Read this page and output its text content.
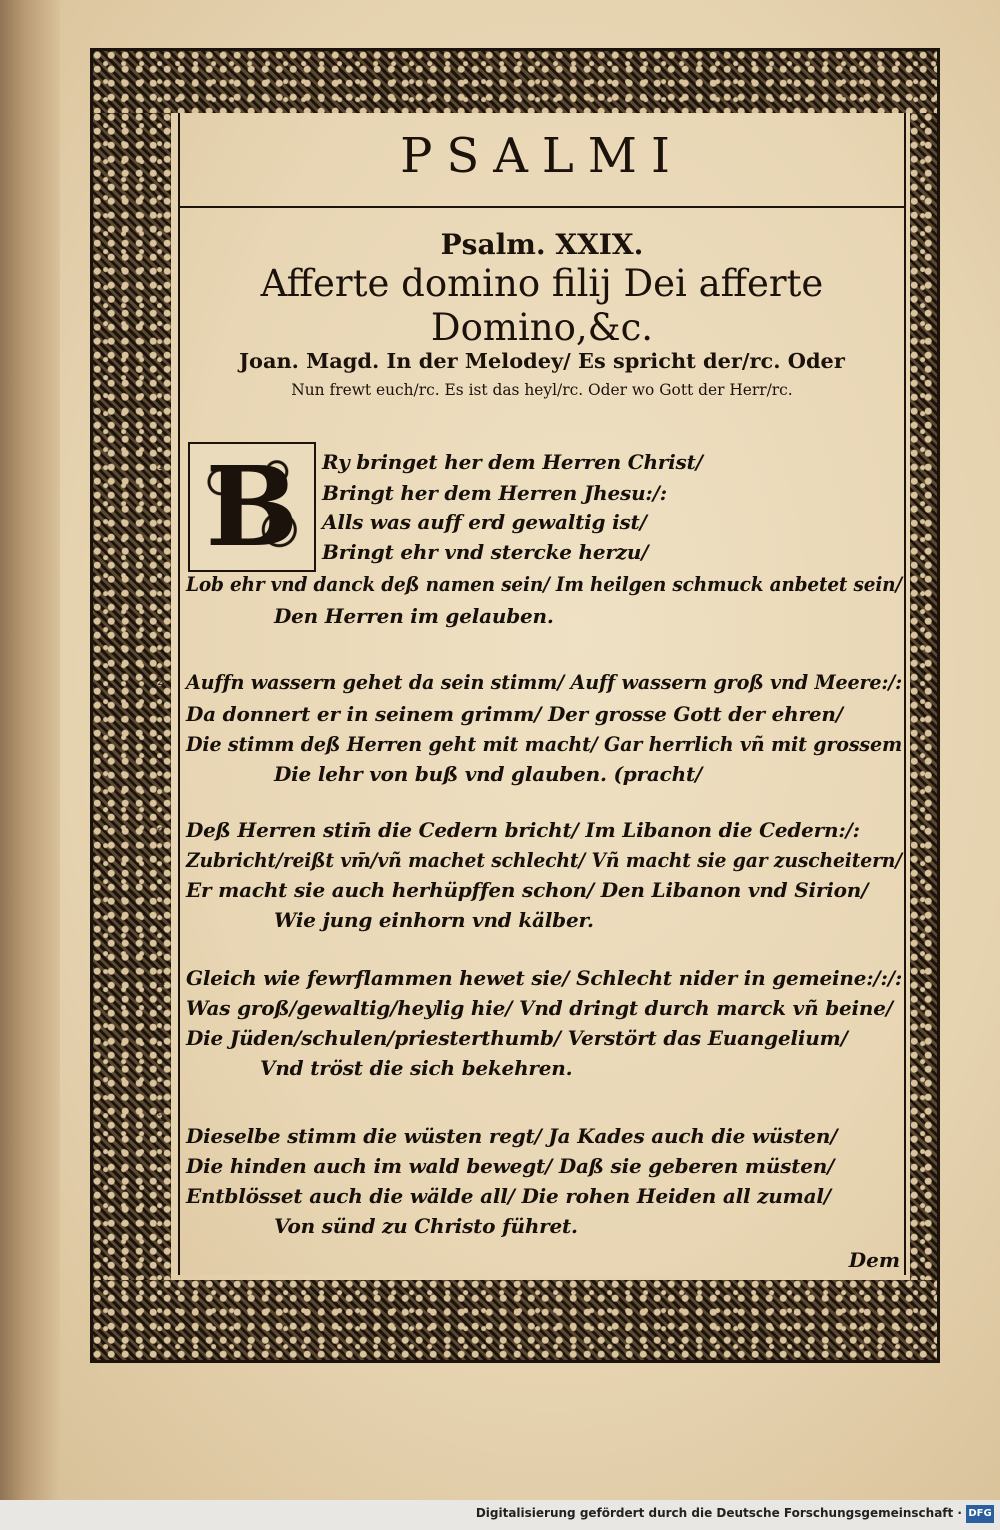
PSALMI
Psalm. XXIX.
Afferte domino filij Dei afferte
Domino,&c.
Joan. Magd. In der Melodey/ Es spricht der/rc. Oder
Nun frewt euch/rc. Es ist das heyl/rc. Oder wo Gott der Herr/rc.
1 B Ry bringet her dem Herren Christ/
Bringt her dem Herren Jhesu:/:
Alls was auff erd gewaltig ist/
Bringt ehr vnd stercke herzu/
Lob ehr vnd danck deß namen sein/ Im heilgen schmuck anbetet sein/
Den Herren im gelauben.
2 Auffn wassern gehet da sein stimm/ Auff wassern groß vnd Meere:/:
Da donnert er in seinem grimm/ Der grosse Gott der ehren/
Die stimm deß Herren geht mit macht/ Gar herrlich vñ mit grossem
Die lehr von buß vnd glauben. (pracht/
3 Deß Herren stim̄ die Cedern bricht/ Im Libanon die Cedern:/:
Zubricht/reißt vm̄/vñ machet schlecht/ Vñ macht sie gar zuscheitern/
Er macht sie auch herhüpffen schon/ Den Libanon vnd Sirion/
Wie jung einhorn vnd kälber.
4 Gleich wie fewrflammen hewet sie/ Schlecht nider in gemeine:/:/:
Was groß/gewaltig/heylig hie/ Vnd dringt durch marck vñ beine/
Die Jüden/schulen/priesterthumb/ Verstört das Euangelium/
Vnd tröst die sich bekehren.
5
Dieselbe stimm die wüsten regt/ Ja Kades auch die wüsten/
Die hinden auch im wald bewegt/ Daß sie geberen müsten/
Entblösset auch die wälde all/ Die rohen Heiden all zumal/
Von sünd zu Christo führet.
Dem
Digitalisierung gefördert durch die Deutsche Forschungsgemeinschaft · DFG
